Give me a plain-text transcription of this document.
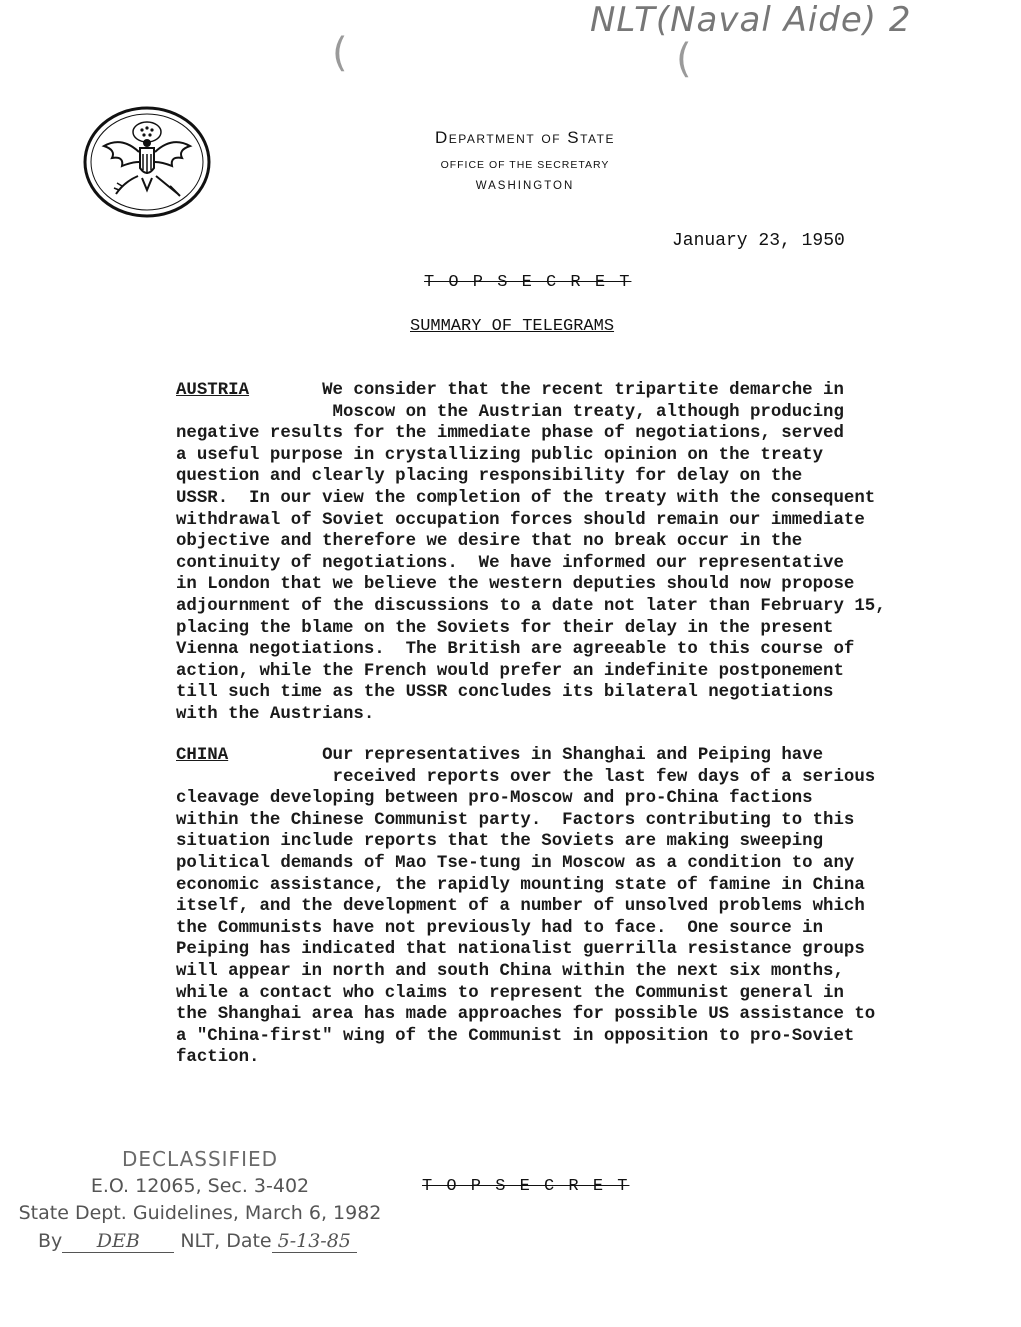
NLT(Naval Aide) 2
(	(
Department of State
OFFICE OF THE SECRETARY
WASHINGTON
January 23, 1950
T O P S E C R E T
SUMMARY OF TELEGRAMS
AUSTRIA	We consider that the recent tripartite demarche in
Moscow on the Austrian treaty, although producing
negative results for the immediate phase of negotiations, served
a useful purpose in crystallizing public opinion on the treaty
question and clearly placing responsibility for delay on the
USSR.  In our view the completion of the treaty with the consequent
withdrawal of Soviet occupation forces should remain our immediate
objective and therefore we desire that no break occur in the
continuity of negotiations.  We have informed our representative
in London that we believe the western deputies should now propose
adjournment of the discussions to a date not later than February 15,
placing the blame on the Soviets for their delay in the present
Vienna negotiations.  The British are agreeable to this course of
action, while the French would prefer an indefinite postponement
till such time as the USSR concludes its bilateral negotiations
with the Austrians.
CHINA	Our representatives in Shanghai and Peiping have
received reports over the last few days of a serious
cleavage developing between pro-Moscow and pro-China factions
within the Chinese Communist party.  Factors contributing to this
situation include reports that the Soviets are making sweeping
political demands of Mao Tse-tung in Moscow as a condition to any
economic assistance, the rapidly mounting state of famine in China
itself, and the development of a number of unsolved problems which
the Communists have not previously had to face.  One source in
Peiping has indicated that nationalist guerrilla resistance groups
will appear in north and south China within the next six months,
while a contact who claims to represent the Communist general in
the Shanghai area has made approaches for possible US assistance to
a "China-first" wing of the Communist in opposition to pro-Soviet
faction.
DECLASSIFIED
E.O. 12065, Sec. 3-402
State Dept. Guidelines, March 6, 1982
By DEB NLT, Date 5-13-85
T O P S E C R E T
